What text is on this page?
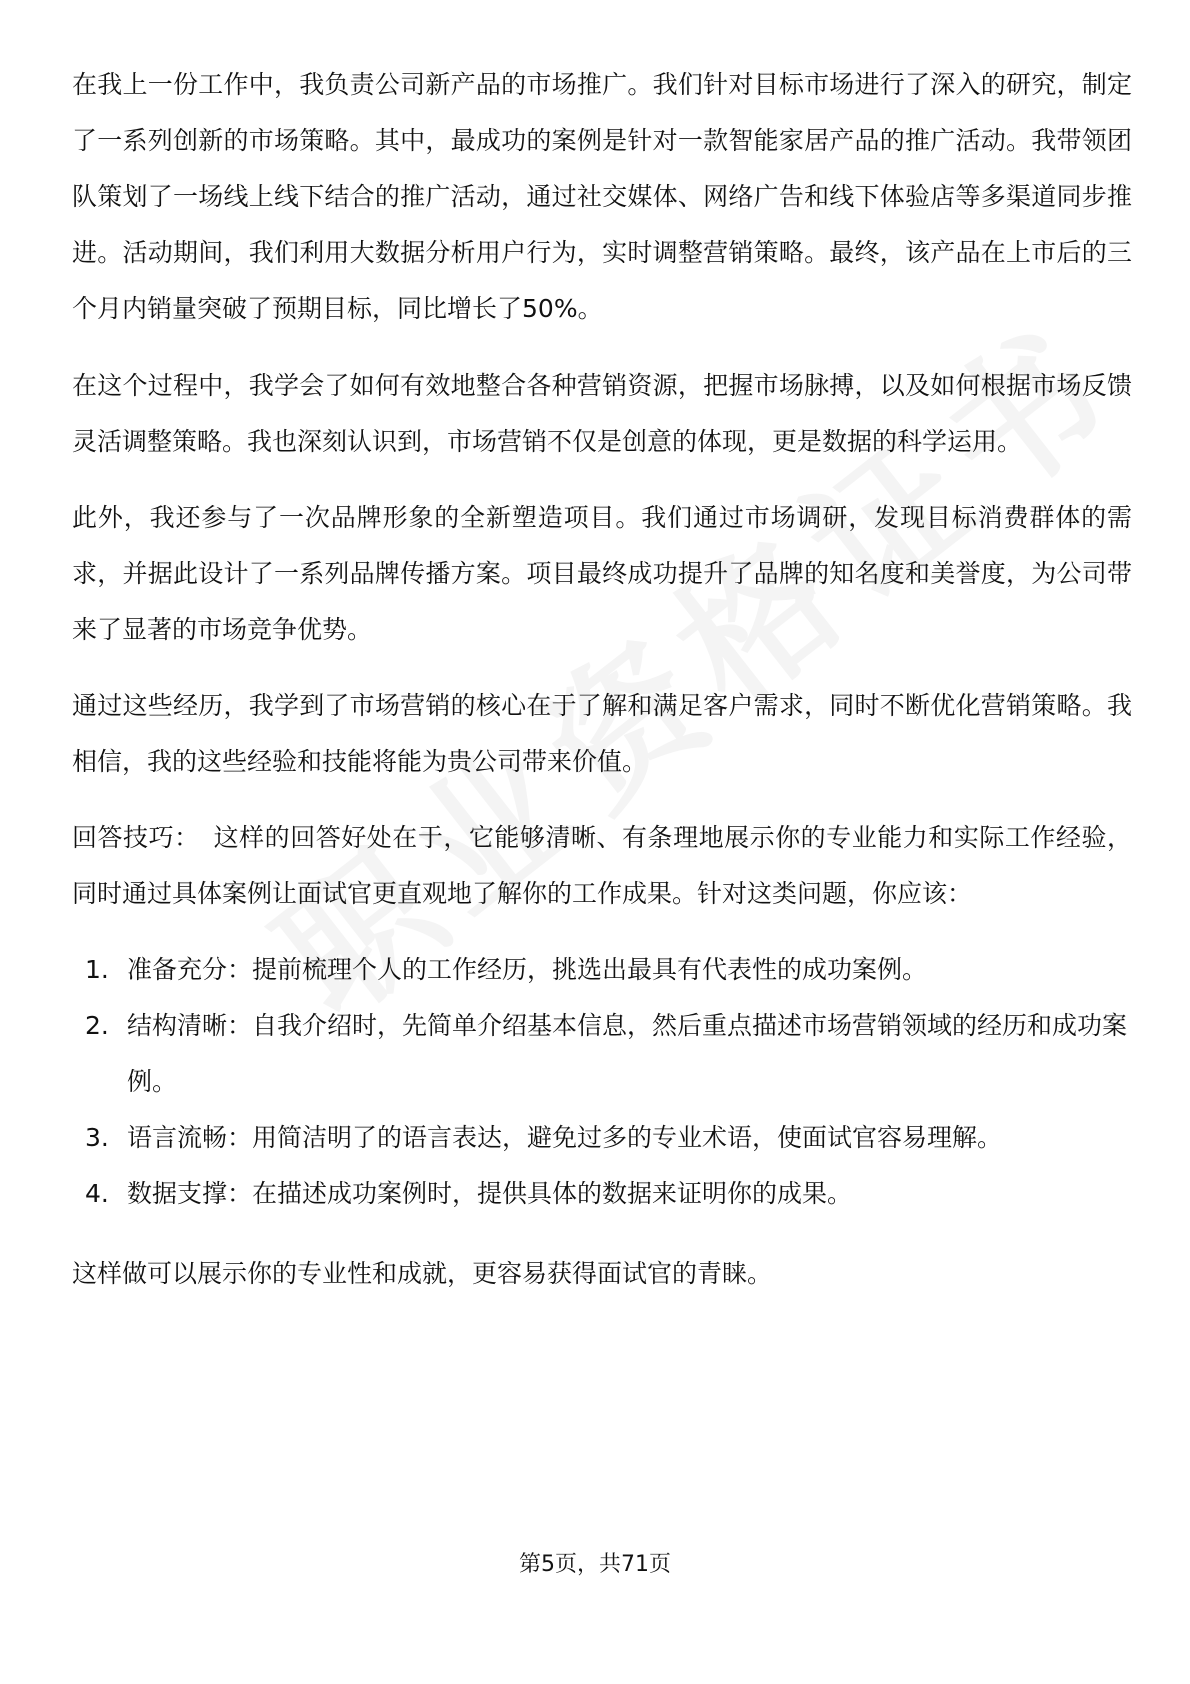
在我上一份工作中，我负责公司新产品的市场推广。我们针对目标市场进行了深入的研究，制定了一系列创新的市场策略。其中，最成功的案例是针对一款智能家居产品的推广活动。我带领团队策划了一场线上线下结合的推广活动，通过社交媒体、网络广告和线下体验店等多渠道同步推进。活动期间，我们利用大数据分析用户行为，实时调整营销策略。最终，该产品在上市后的三个月内销量突破了预期目标，同比增长了50%。

在这个过程中，我学会了如何有效地整合各种营销资源，把握市场脉搏，以及如何根据市场反馈灵活调整策略。我也深刻认识到，市场营销不仅是创意的体现，更是数据的科学运用。

此外，我还参与了一次品牌形象的全新塑造项目。我们通过市场调研，发现目标消费群体的需求，并据此设计了一系列品牌传播方案。项目最终成功提升了品牌的知名度和美誉度，为公司带来了显著的市场竞争优势。

通过这些经历，我学到了市场营销的核心在于了解和满足客户需求，同时不断优化营销策略。我相信，我的这些经验和技能将能为贵公司带来价值。

回答技巧： 这样的回答好处在于，它能够清晰、有条理地展示你的专业能力和实际工作经验，同时通过具体案例让面试官更直观地了解你的工作成果。针对这类问题，你应该：

1. 准备充分：提前梳理个人的工作经历，挑选出最具有代表性的成功案例。
2. 结构清晰：自我介绍时，先简单介绍基本信息，然后重点描述市场营销领域的经历和成功案例。
3. 语言流畅：用简洁明了的语言表达，避免过多的专业术语，使面试官容易理解。
4. 数据支撑：在描述成功案例时，提供具体的数据来证明你的成果。

这样做可以展示你的专业性和成就，更容易获得面试官的青睐。

第5页，共71页
